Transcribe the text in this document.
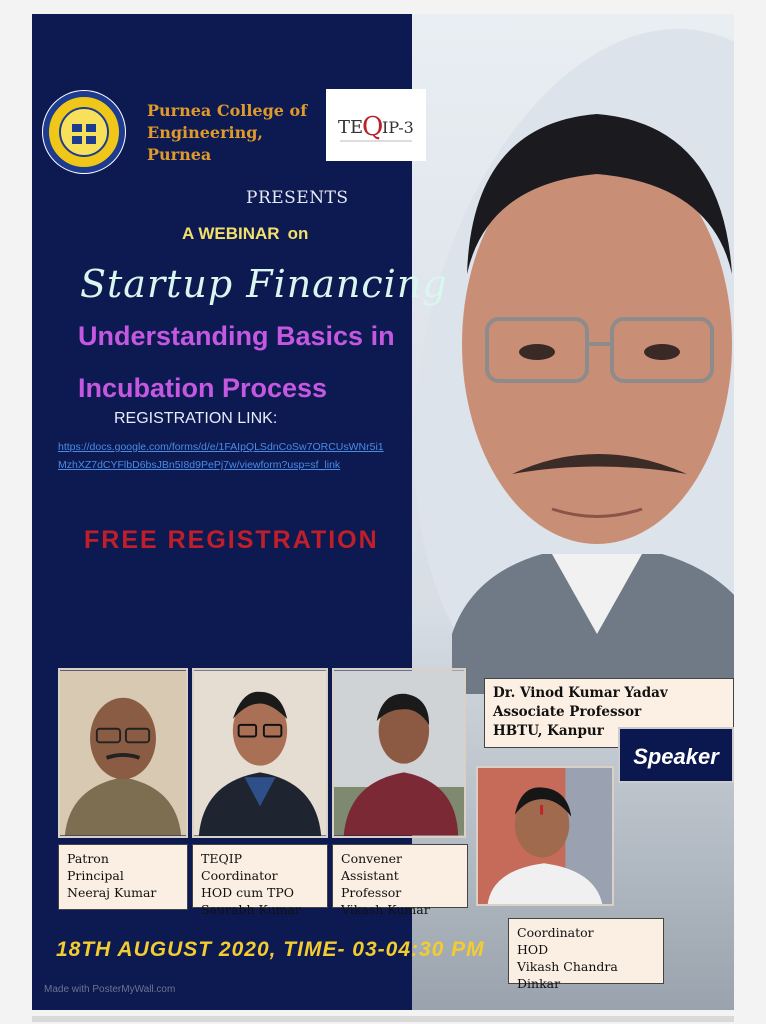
Purnea College of
Engineering,
Purnea
TE
Q
IP-3
PRESENTS
A WEBINAR on
Startup Financing
Understanding Basics in
Incubation Process
REGISTRATION LINK:
https://docs.google.com/forms/d/e/1FAIpQLSdnCoSw7ORCUsWNr5i1MzhXZ7dCYFlbD6bsJBn5I8d9PePj7w/viewform?usp=sf_link
FREE REGISTRATION
Dr. Vinod Kumar Yadav
Associate Professor
HBTU, Kanpur
Speaker
Patron
Principal
Neeraj Kumar
TEQIP Coordinator
HOD cum TPO
Saurabh Kumar
Convener
Assistant Professor
Vikash Kumar
Coordinator
HOD
Vikash Chandra Dinkar
18TH AUGUST 2020, TIME- 03-04:30 PM
Made with PosterMyWall.com
